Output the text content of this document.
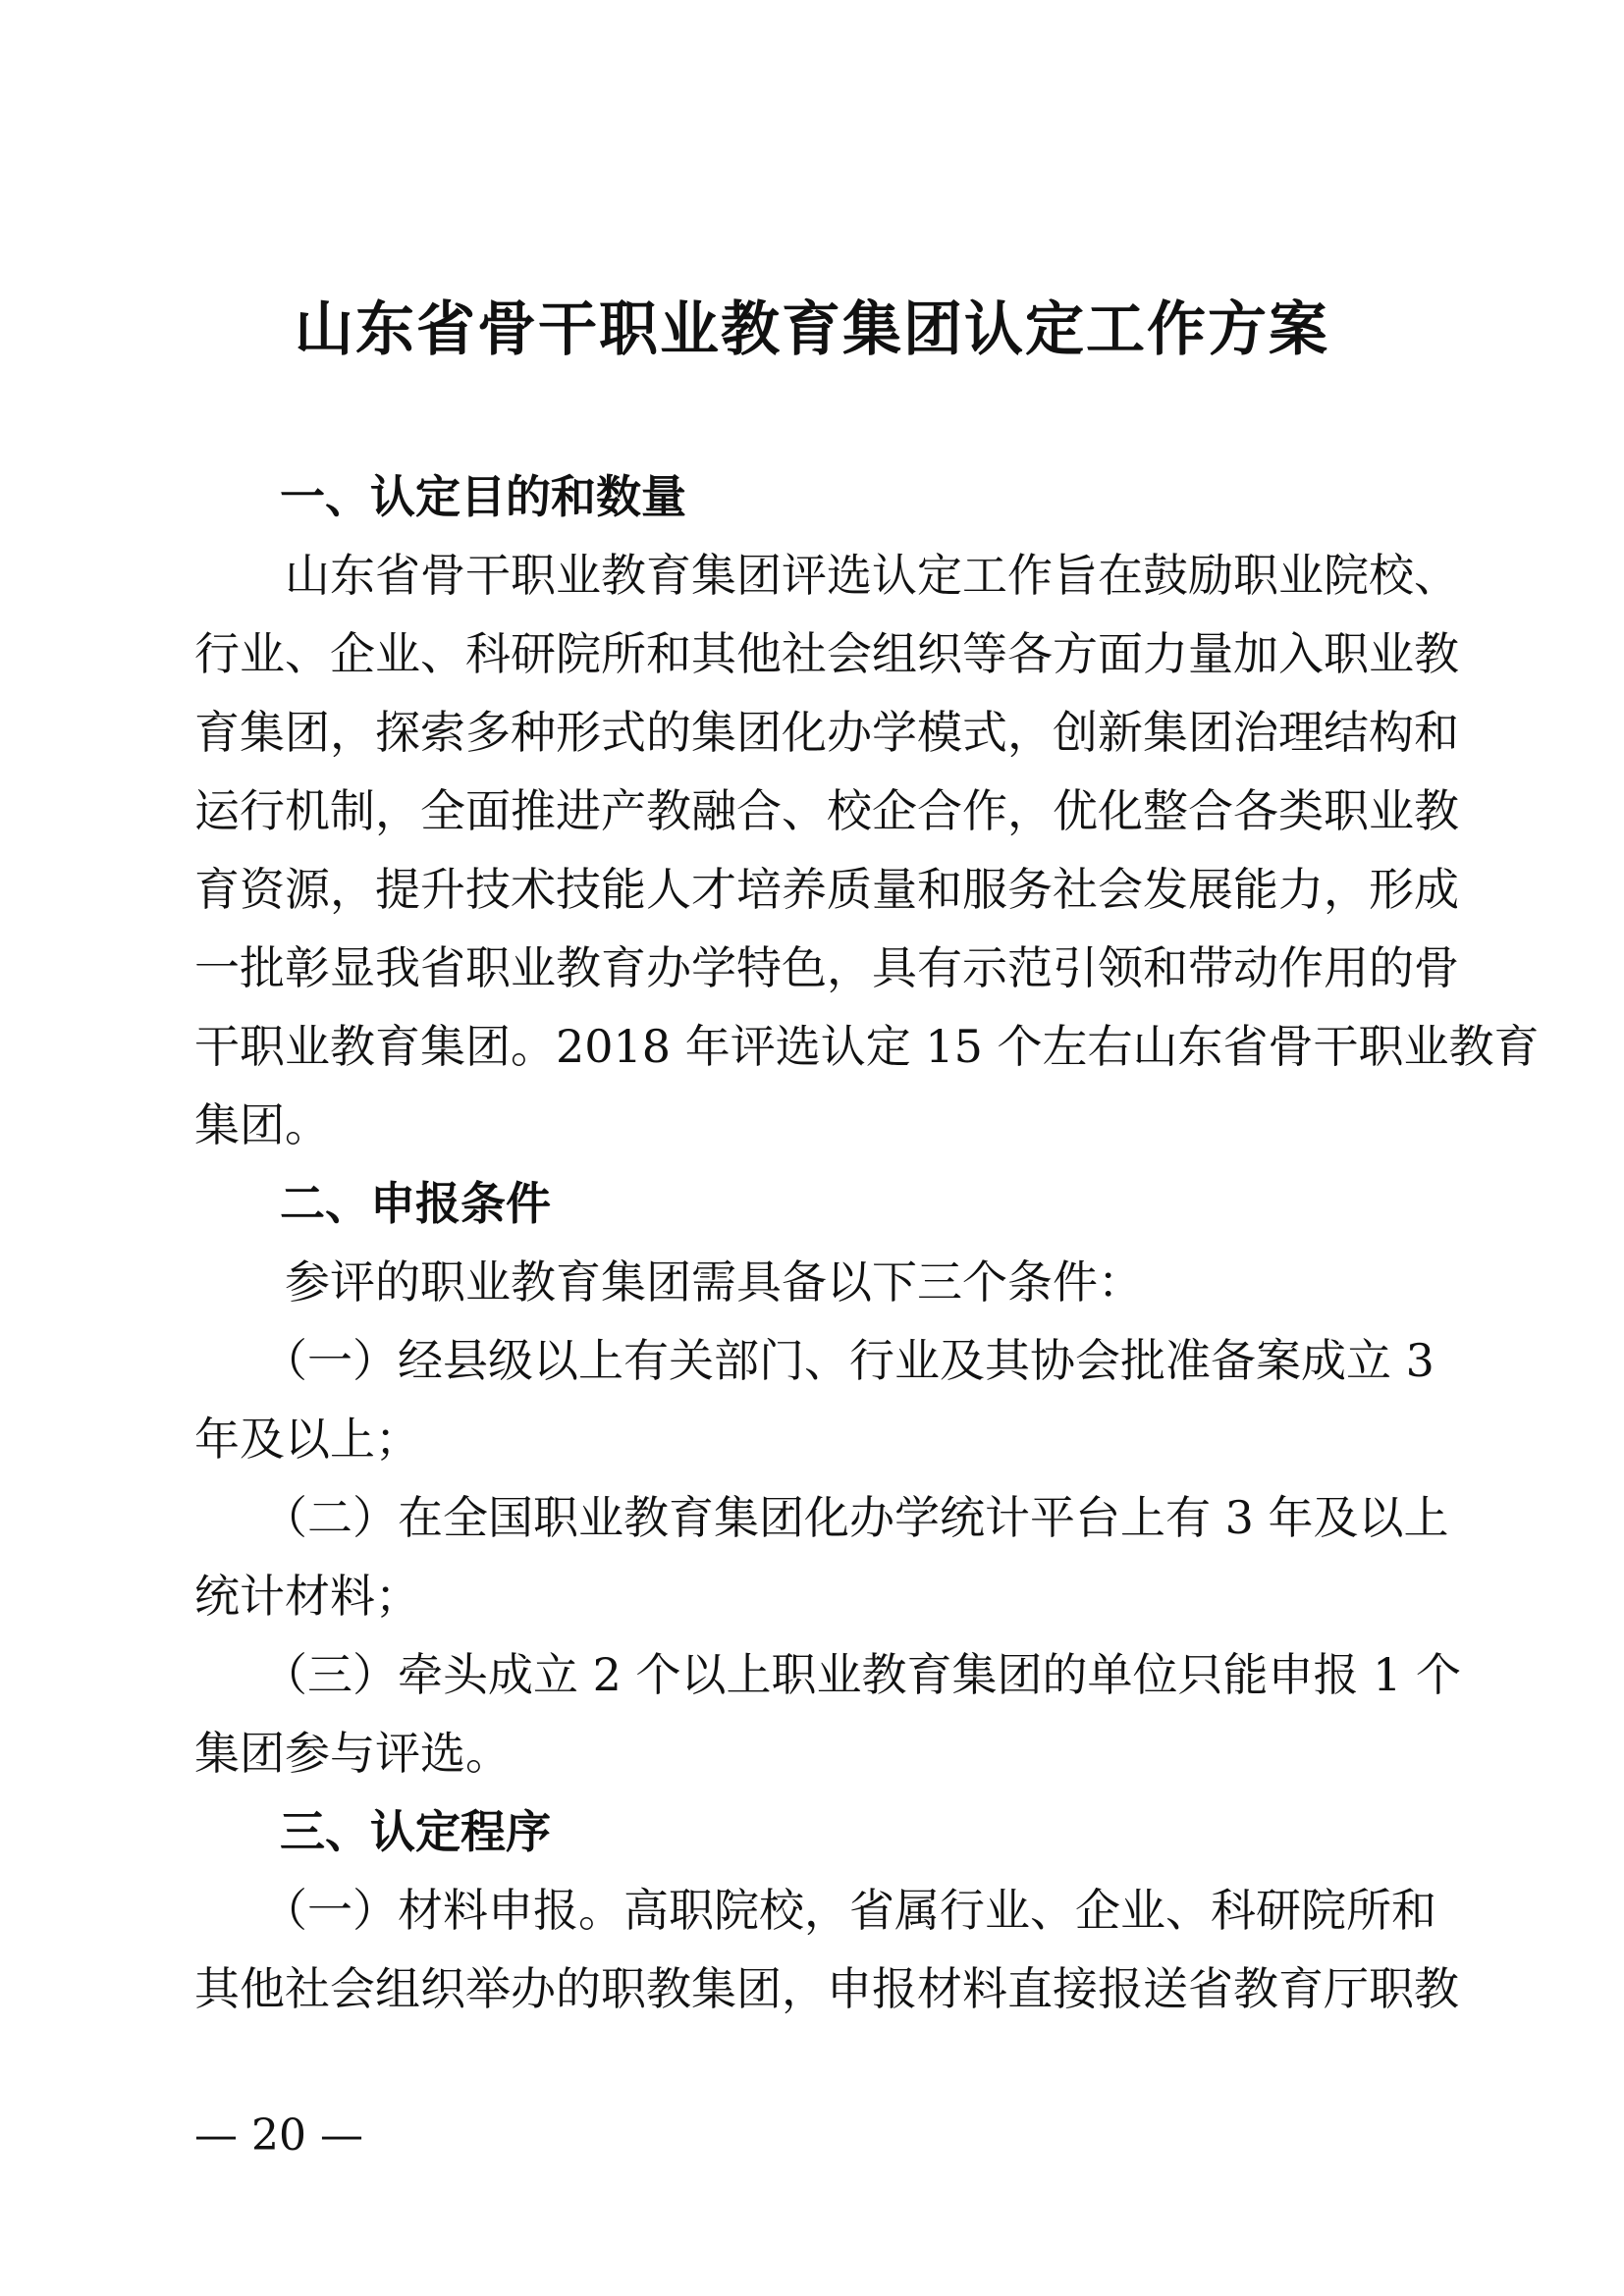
山东省骨干职业教育集团认定工作方案
一、认定目的和数量
　　山东省骨干职业教育集团评选认定工作旨在鼓励职业院校、
行业、企业、科研院所和其他社会组织等各方面力量加入职业教
育集团，探索多种形式的集团化办学模式，创新集团治理结构和
运行机制，全面推进产教融合、校企合作，优化整合各类职业教
育资源，提升技术技能人才培养质量和服务社会发展能力，形成
一批彰显我省职业教育办学特色，具有示范引领和带动作用的骨
干职业教育集团。2018 年评选认定 15 个左右山东省骨干职业教育
集团。
二、申报条件
　　参评的职业教育集团需具备以下三个条件：
　　（一）经县级以上有关部门、行业及其协会批准备案成立 3
年及以上；
　　（二）在全国职业教育集团化办学统计平台上有 3 年及以上
统计材料；
　　（三）牵头成立 2 个以上职业教育集团的单位只能申报 1 个
集团参与评选。
三、认定程序
　　（一）材料申报。高职院校，省属行业、企业、科研院所和
其他社会组织举办的职教集团，申报材料直接报送省教育厅职教
— 20 —
